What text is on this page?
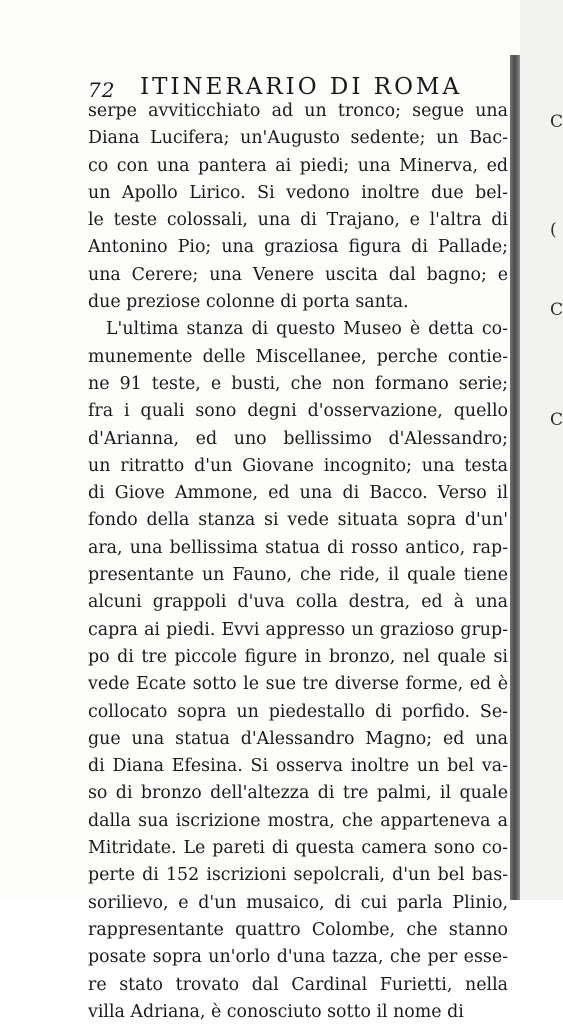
72 ITINERARIO DI ROMA
serpe avviticchiato ad un tronco; segue una
Diana Lucifera; un'Augusto sedente; un Bac-
co con una pantera ai piedi; una Minerva, ed
un Apollo Lirico. Si vedono inoltre due bel-
le teste colossali, una di Trajano, e l'altra di
Antonino Pio; una graziosa figura di Pallade;
una Cerere; una Venere uscita dal bagno; e
due preziose colonne di porta santa.
L'ultima stanza di questo Museo è detta co-
munemente delle Miscellanee, perche contie-
ne 91 teste, e busti, che non formano serie;
fra i quali sono degni d'osservazione, quello
d'Arianna, ed uno bellissimo d'Alessandro;
un ritratto d'un Giovane incognito; una testa
di Giove Ammone, ed una di Bacco. Verso il
fondo della stanza si vede situata sopra d'un'
ara, una bellissima statua di rosso antico, rap-
presentante un Fauno, che ride, il quale tiene
alcuni grappoli d'uva colla destra, ed à una
capra ai piedi. Evvi appresso un grazioso grup-
po di tre piccole figure in bronzo, nel quale si
vede Ecate sotto le sue tre diverse forme, ed è
collocato sopra un piedestallo di porfido. Se-
gue una statua d'Alessandro Magno; ed una
di Diana Efesina. Si osserva inoltre un bel va-
so di bronzo dell'altezza di tre palmi, il quale
dalla sua iscrizione mostra, che apparteneva a
Mitridate. Le pareti di questa camera sono co-
perte di 152 iscrizioni sepolcrali, d'un bel bas-
sorilievo, e d'un musaico, di cui parla Plinio,
rappresentante quattro Colombe, che stanno
posate sopra un'orlo d'una tazza, che per esse-
re stato trovato dal Cardinal Furietti, nella
villa Adriana, è conosciuto sotto il nome di
C
(
C
C
